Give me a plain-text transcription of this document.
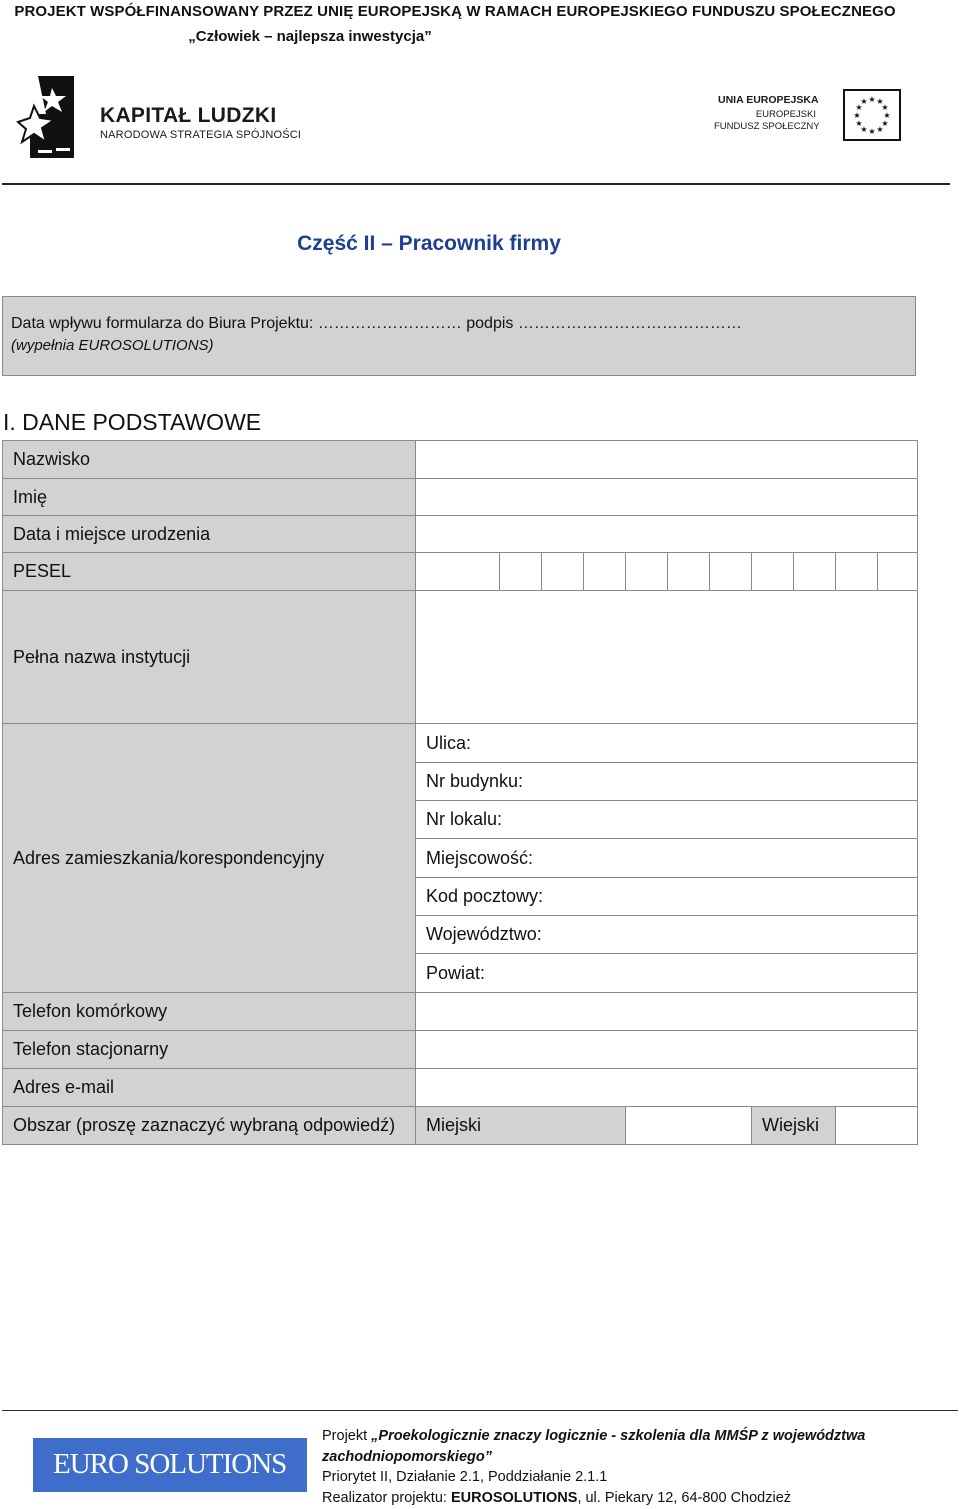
PROJEKT WSPÓŁFINANSOWANY PRZEZ UNIĘ EUROPEJSKĄ W RAMACH EUROPEJSKIEGO FUNDUSZU SPOŁECZNEGO
„Człowiek – najlepsza inwestycja”
KAPITAŁ LUDZKI
NARODOWA STRATEGIA SPÓJNOŚCI
UNIA EUROPEJSKA
EUROPEJSKI
FUNDUSZ SPOŁECZNY
★ ★
★
★
★
★
★
★
★
★
★
★
Część II – Pracownik firmy
Data wpływu formularza do Biura Projektu: ……………………… podpis ……………………………………
(wypełnia EUROSOLUTIONS)
I. DANE PODSTAWOWE
Nazwisko											
Imię											
Data i miejsce urodzenia											
PESEL											
Pełna nazwa instytucji											
Adres zamieszkania/korespondencyjny	Ulica:										
	Nr budynku:										
	Nr lokalu:										
	Miejscowość:										
	Kod pocztowy:										
	Województwo:										
	Powiat:										
Telefon komórkowy											
Telefon stacjonarny											
Adres e-mail											
Obszar (proszę zaznaczyć wybraną odpowiedź)	Miejski							Wiejski			
EURO SOLUTIONS
Projekt „Proekologicznie znaczy logicznie - szkolenia dla MMŚP z województwa zachodniopomorskiego”
Priorytet II, Działanie 2.1, Poddziałanie 2.1.1
Realizator projektu: EUROSOLUTIONS, ul. Piekary 12, 64-800 Chodzież
